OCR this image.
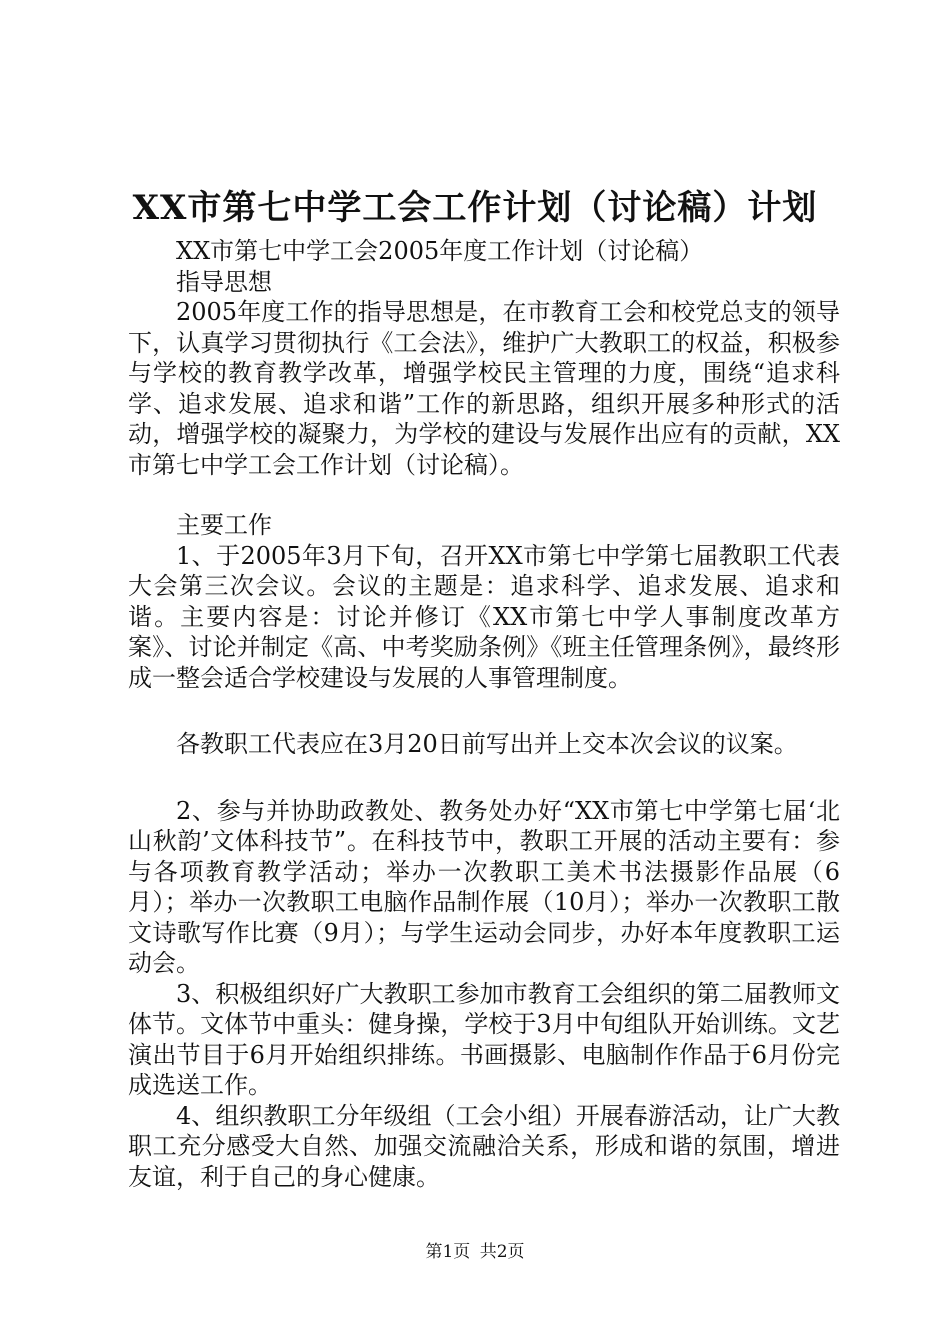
XX市第七中学工会工作计划（讨论稿）计划

XX市第七中学工会2005年度工作计划（讨论稿）

指导思想

2005年度工作的指导思想是，在市教育工会和校党总支的领导下，认真学习贯彻执行《工会法》，维护广大教职工的权益，积极参与学校的教育教学改革，增强学校民主管理的力度，围绕“追求科学、追求发展、追求和谐”工作的新思路，组织开展多种形式的活动，增强学校的凝聚力，为学校的建设与发展作出应有的贡献，XX市第七中学工会工作计划（讨论稿）。

主要工作

1、于2005年3月下旬，召开XX市第七中学第七届教职工代表大会第三次会议。会议的主题是：追求科学、追求发展、追求和谐。主要内容是：讨论并修订《XX市第七中学人事制度改革方案》、讨论并制定《高、中考奖励条例》《班主任管理条例》，最终形成一整会适合学校建设与发展的人事管理制度。

各教职工代表应在3月20日前写出并上交本次会议的议案。

2、参与并协助政教处、教务处办好“XX市第七中学第七届‘北山秋韵’文体科技节”。在科技节中，教职工开展的活动主要有：参与各项教育教学活动；举办一次教职工美术书法摄影作品展（6月）；举办一次教职工电脑作品制作展（10月）；举办一次教职工散文诗歌写作比赛（9月）；与学生运动会同步，办好本年度教职工运动会。

3、积极组织好广大教职工参加市教育工会组织的第二届教师文体节。文体节中重头：健身操，学校于3月中旬组队开始训练。文艺演出节目于6月开始组织排练。书画摄影、电脑制作作品于6月份完成选送工作。

4、组织教职工分年级组（工会小组）开展春游活动，让广大教职工充分感受大自然、加强交流融洽关系，形成和谐的氛围，增进友谊，利于自己的身心健康。

第1页 共2页
